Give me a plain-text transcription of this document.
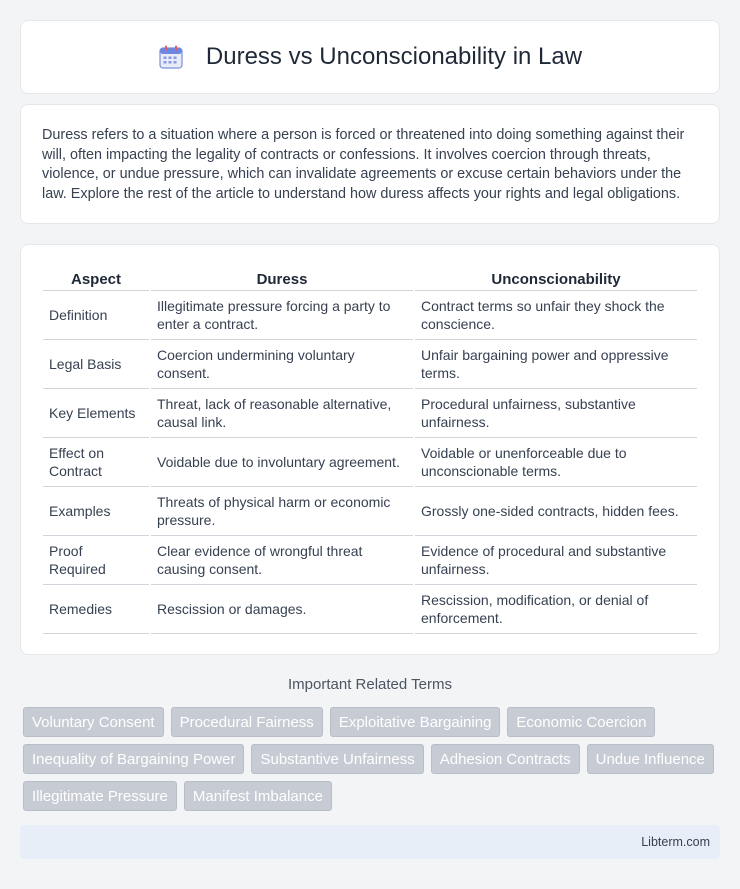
Duress vs Unconscionability in Law

Duress refers to a situation where a person is forced or threatened into doing something against their will, often impacting the legality of contracts or confessions. It involves coercion through threats, violence, or undue pressure, which can invalidate agreements or excuse certain behaviors under the law. Explore the rest of the article to understand how duress affects your rights and legal obligations.

Aspect	Duress	Unconscionability
Definition	Illegitimate pressure forcing a party to enter a contract.	Contract terms so unfair they shock the conscience.
Legal Basis	Coercion undermining voluntary consent.	Unfair bargaining power and oppressive terms.
Key Elements	Threat, lack of reasonable alternative, causal link.	Procedural unfairness, substantive unfairness.
Effect on Contract	Voidable due to involuntary agreement.	Voidable or unenforceable due to unconscionable terms.
Examples	Threats of physical harm or economic pressure.	Grossly one-sided contracts, hidden fees.
Proof Required	Clear evidence of wrongful threat causing consent.	Evidence of procedural and substantive unfairness.
Remedies	Rescission or damages.	Rescission, modification, or denial of enforcement.
Important Related Terms
Voluntary Consent	Procedural Fairness	Exploitative Bargaining	Economic Coercion
Inequality of Bargaining Power	Substantive Unfairness	Adhesion Contracts	Undue Influence
Illegitimate Pressure	Manifest Imbalance
Libterm.com
